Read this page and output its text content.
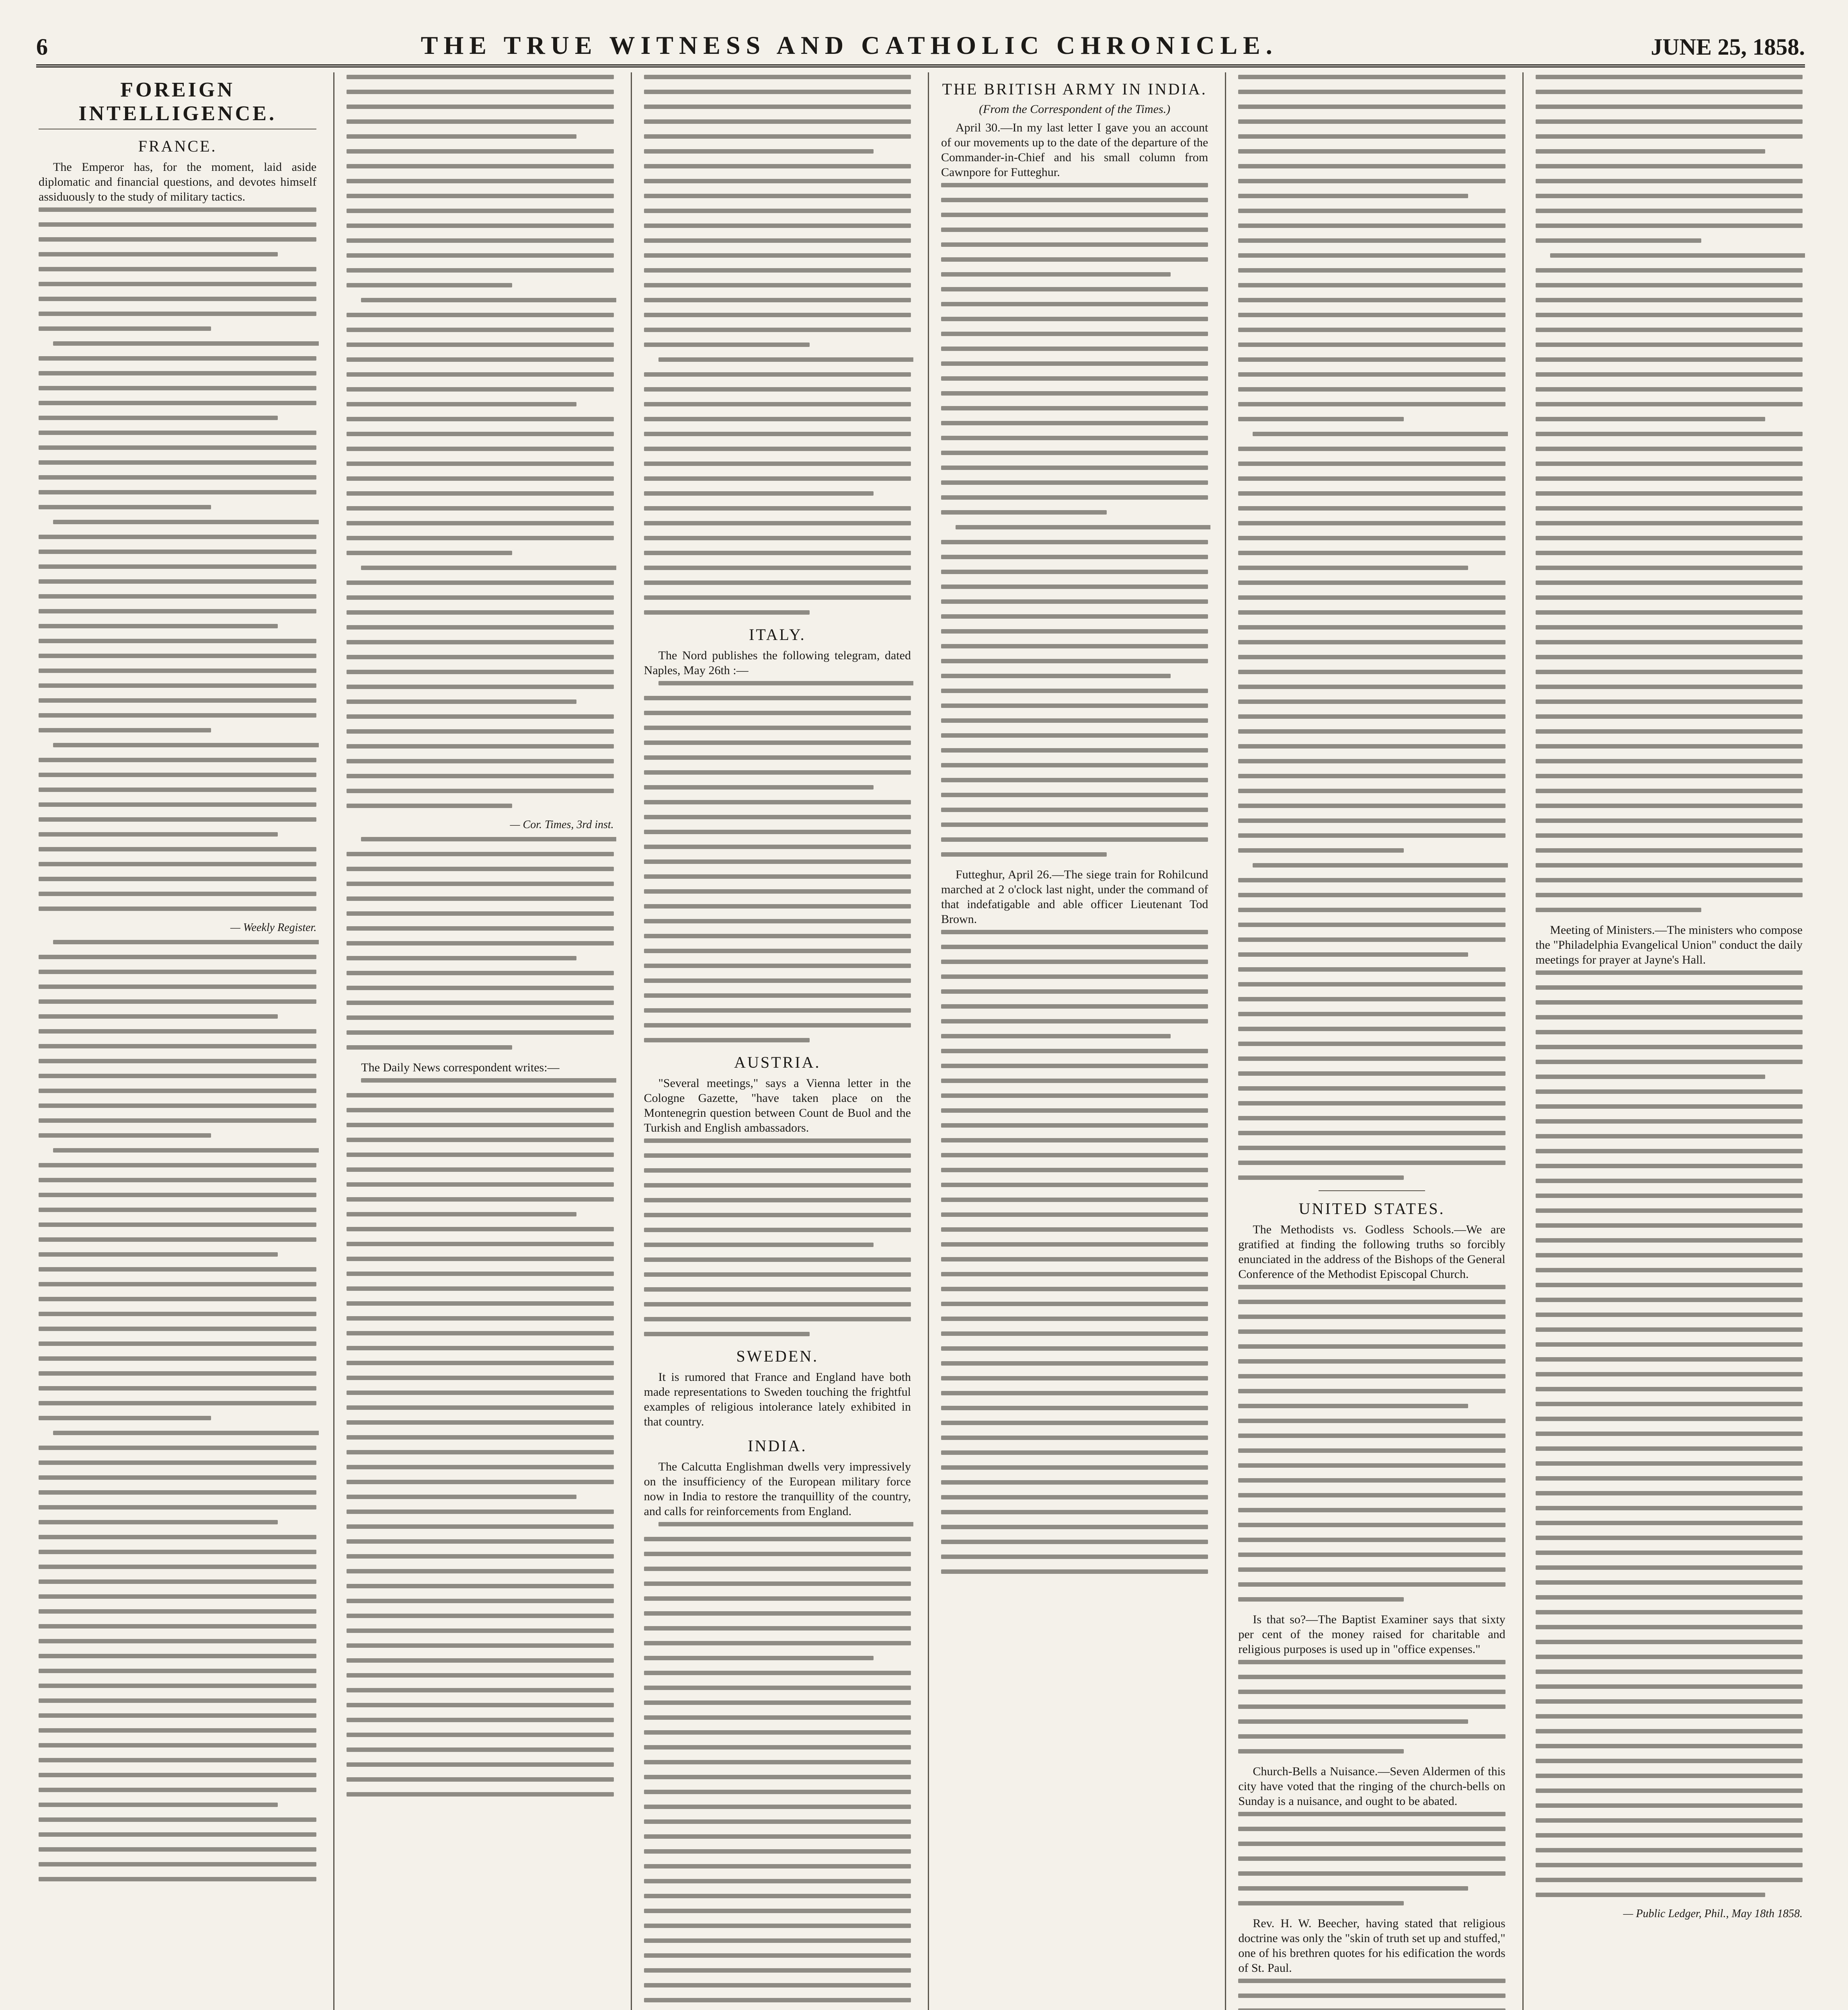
6	THE TRUE WITNESS AND CATHOLIC CHRONICLE.	JUNE 25, 1858.
FOREIGN INTELLIGENCE.
FRANCE.

The Emperor has, for the moment, laid aside diplomatic and financial questions, and devotes himself assiduously to the study of military tactics.

— Weekly Register.
— Cor. Times, 3rd inst.

The Daily News correspondent writes:—

ITALY.

The Nord publishes the following telegram, dated Naples, May 26th :—

AUSTRIA.

"Several meetings," says a Vienna letter in the Cologne Gazette, "have taken place on the Montenegrin question between Count de Buol and the Turkish and English ambassadors.

SWEDEN.

It is rumored that France and England have both made representations to Sweden touching the frightful examples of religious intolerance lately exhibited in that country.

INDIA.

The Calcutta Englishman dwells very impressively on the insufficiency of the European military force now in India to restore the tranquillity of the country, and calls for reinforcements from England.

THE BRITISH ARMY IN INDIA.
(From the Correspondent of the Times.)

April 30.—In my last letter I gave you an account of our movements up to the date of the departure of the Commander-in-Chief and his small column from Cawnpore for Futteghur.

Futteghur, April 26.—The siege train for Rohilcund marched at 2 o'clock last night, under the command of that indefatigable and able officer Lieutenant Tod Brown.

UNITED STATES.

The Methodists vs. Godless Schools.—We are gratified at finding the following truths so forcibly enunciated in the address of the Bishops of the General Conference of the Methodist Episcopal Church.

Is that so?—The Baptist Examiner says that sixty per cent of the money raised for charitable and religious purposes is used up in "office expenses."

Church-Bells a Nuisance.—Seven Aldermen of this city have voted that the ringing of the church-bells on Sunday is a nuisance, and ought to be abated.

Rev. H. W. Beecher, having stated that religious doctrine was only the "skin of truth set up and stuffed," one of his brethren quotes for his edification the words of St. Paul.

Meeting of Ministers.—The ministers who compose the "Philadelphia Evangelical Union" conduct the daily meetings for prayer at Jayne's Hall.

— Public Ledger, Phil., May 18th 1858.
